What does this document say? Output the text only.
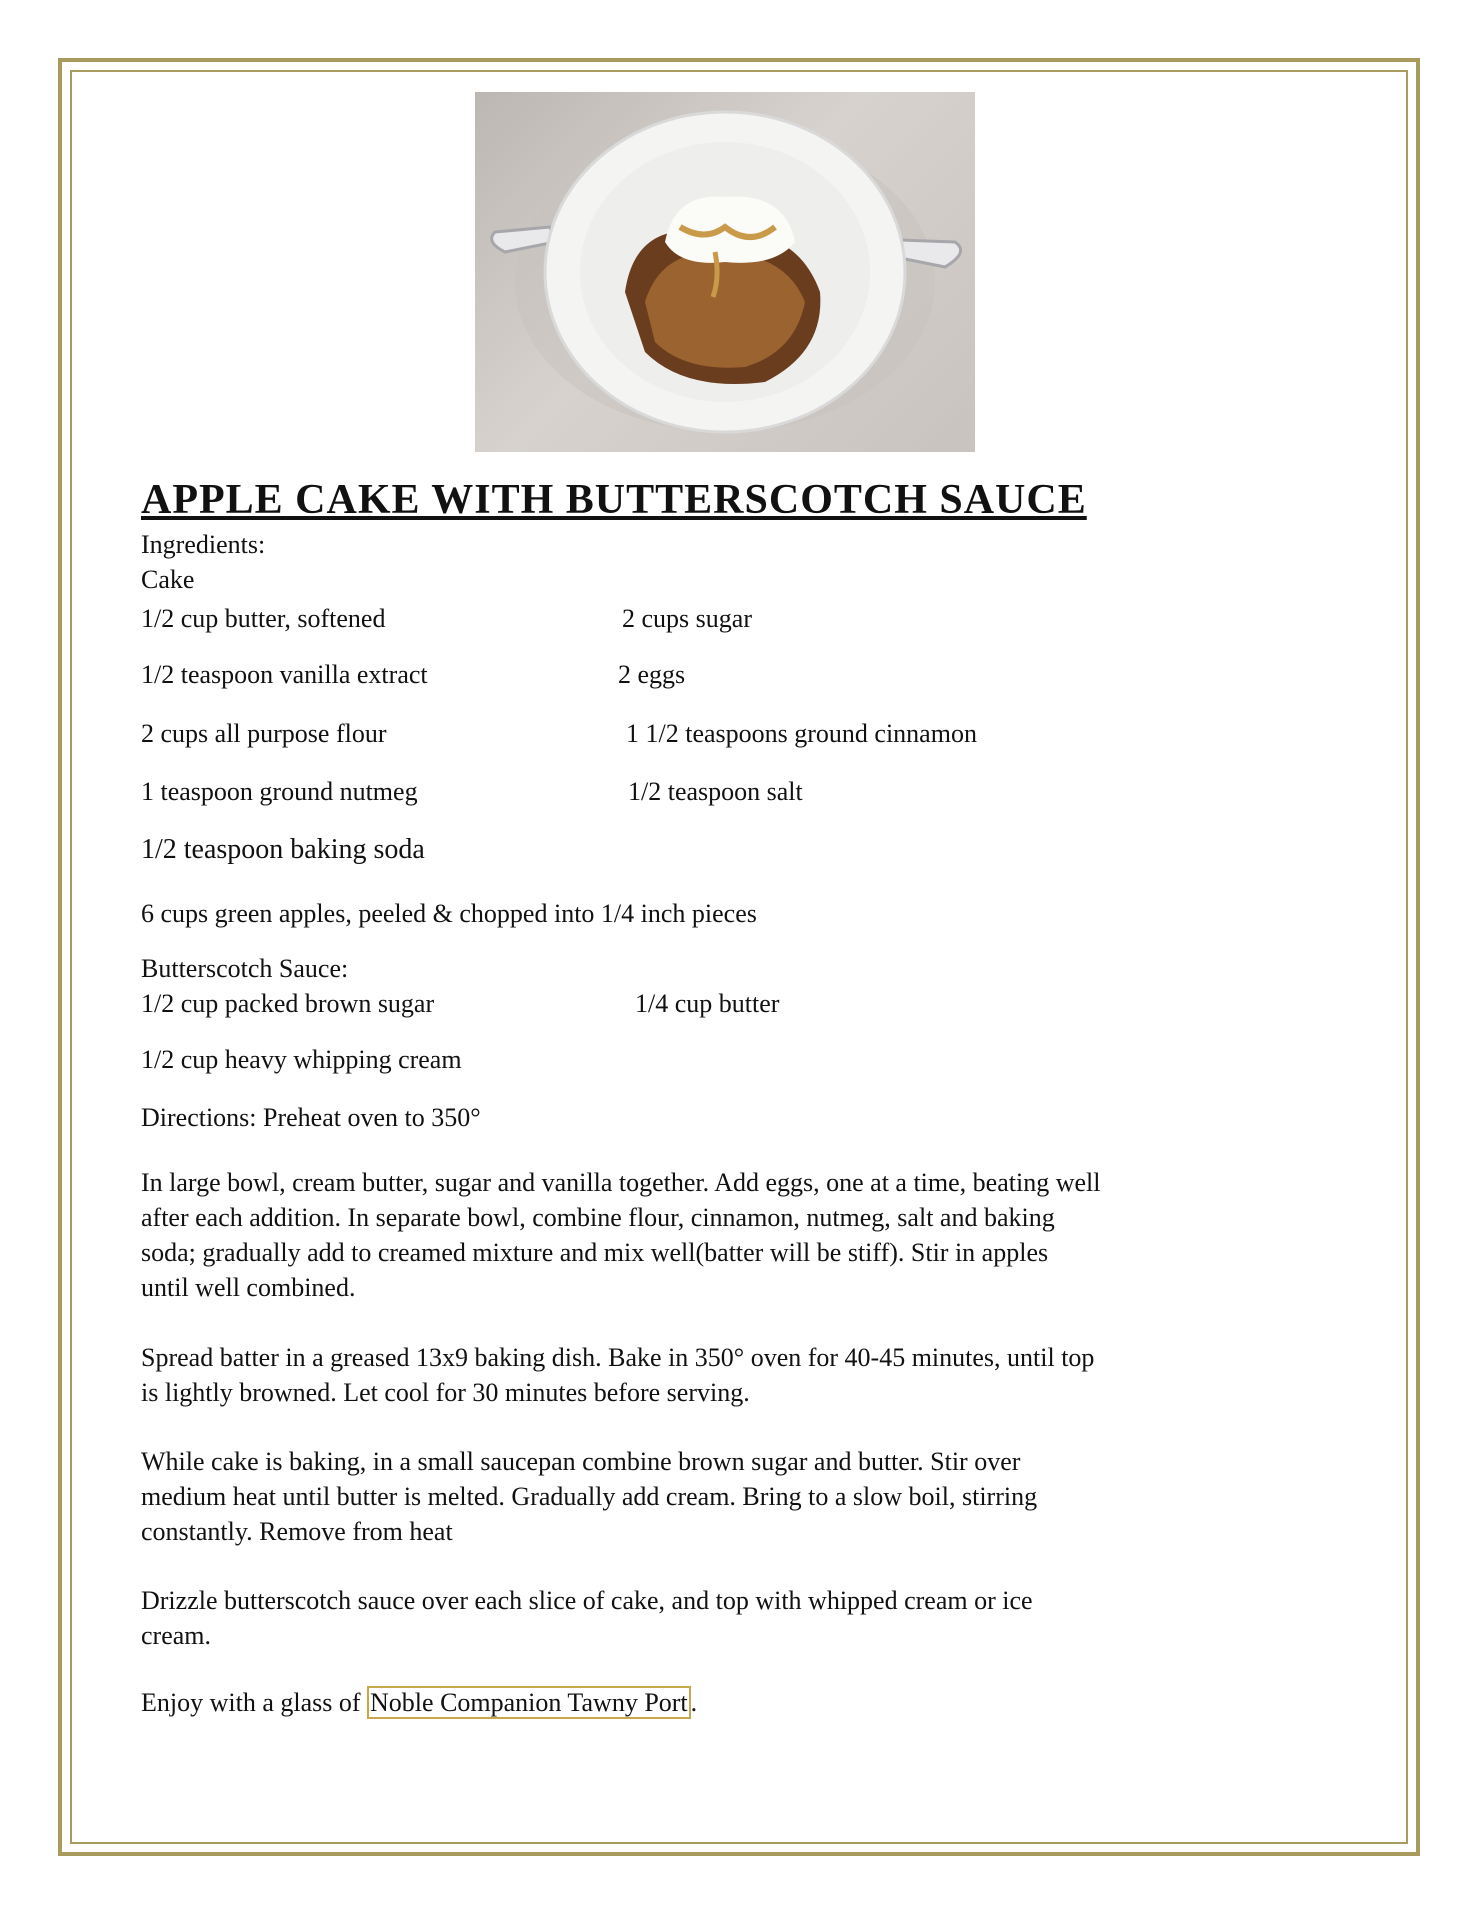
APPLE CAKE WITH BUTTERSCOTCH SAUCE
Ingredients:
Cake
1/2 cup butter, softened	2 cups sugar
1/2 teaspoon vanilla extract	2 eggs
2 cups all purpose flour	1 1/2 teaspoons ground cinnamon
1 teaspoon ground nutmeg	1/2 teaspoon salt
1/2 teaspoon baking soda
6 cups green apples, peeled & chopped into 1/4 inch pieces
Butterscotch Sauce:
1/2 cup packed brown sugar	1/4 cup butter
1/2 cup heavy whipping cream
Directions: Preheat oven to 350°
In large bowl, cream butter, sugar and vanilla together. Add eggs, one at a time, beating well after each addition. In separate bowl, combine flour, cinnamon, nutmeg, salt and baking soda; gradually add to creamed mixture and mix well(batter will be stiff). Stir in apples until well combined.
Spread batter in a greased 13x9 baking dish. Bake in 350° oven for 40-45 minutes, until top is lightly browned. Let cool for 30 minutes before serving.
While cake is baking, in a small saucepan combine brown sugar and butter. Stir over medium heat until butter is melted. Gradually add cream. Bring to a slow boil, stirring constantly. Remove from heat
Drizzle butterscotch sauce over each slice of cake, and top with whipped cream or ice cream.
Enjoy with a glass of Noble Companion Tawny Port .
